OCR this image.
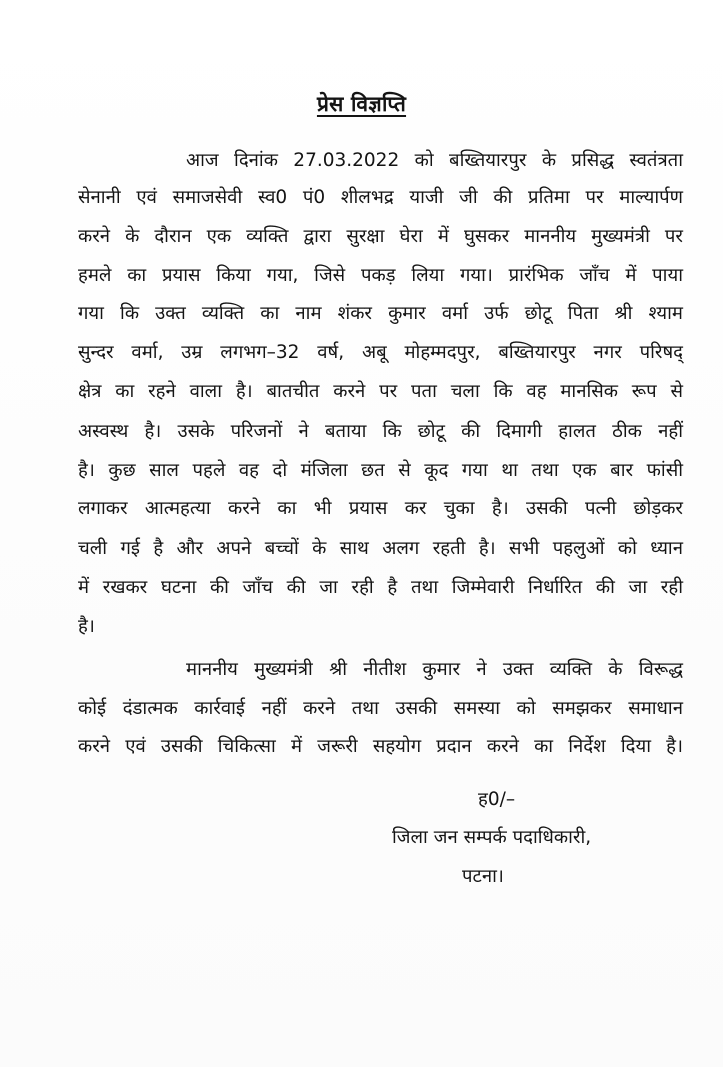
प्रेस विज्ञप्ति
आज दिनांक 27.03.2022 को बख्तियारपुर के प्रसिद्ध स्वतंत्रता
सेनानी एवं समाजसेवी स्व0 पं0 शीलभद्र याजी जी की प्रतिमा पर माल्यार्पण
करने के दौरान एक व्यक्ति द्वारा सुरक्षा घेरा में घुसकर माननीय मुख्यमंत्री पर
हमले का प्रयास किया गया, जिसे पकड़ लिया गया। प्रारंभिक जाँच में पाया
गया कि उक्त व्यक्ति का नाम शंकर कुमार वर्मा उर्फ छोटू पिता श्री श्याम
सुन्दर वर्मा, उम्र लगभग–32 वर्ष, अबू मोहम्मदपुर, बख्तियारपुर नगर परिषद्
क्षेत्र का रहने वाला है। बातचीत करने पर पता चला कि वह मानसिक रूप से
अस्वस्थ है। उसके परिजनों ने बताया कि छोटू की दिमागी हालत ठीक नहीं
है। कुछ साल पहले वह दो मंजिला छत से कूद गया था तथा एक बार फांसी
लगाकर आत्महत्या करने का भी प्रयास कर चुका है। उसकी पत्नी छोड़कर
चली गई है और अपने बच्चों के साथ अलग रहती है। सभी पहलुओं को ध्यान
में रखकर घटना की जाँच की जा रही है तथा जिम्मेवारी निर्धारित की जा रही
है।
माननीय मुख्यमंत्री श्री नीतीश कुमार ने उक्त व्यक्ति के विरूद्ध
कोई दंडात्मक कार्रवाई नहीं करने तथा उसकी समस्या को समझकर समाधान
करने एवं उसकी चिकित्सा में जरूरी सहयोग प्रदान करने का निर्देश दिया है।
ह0/–
जिला जन सम्पर्क पदाधिकारी,
पटना।
